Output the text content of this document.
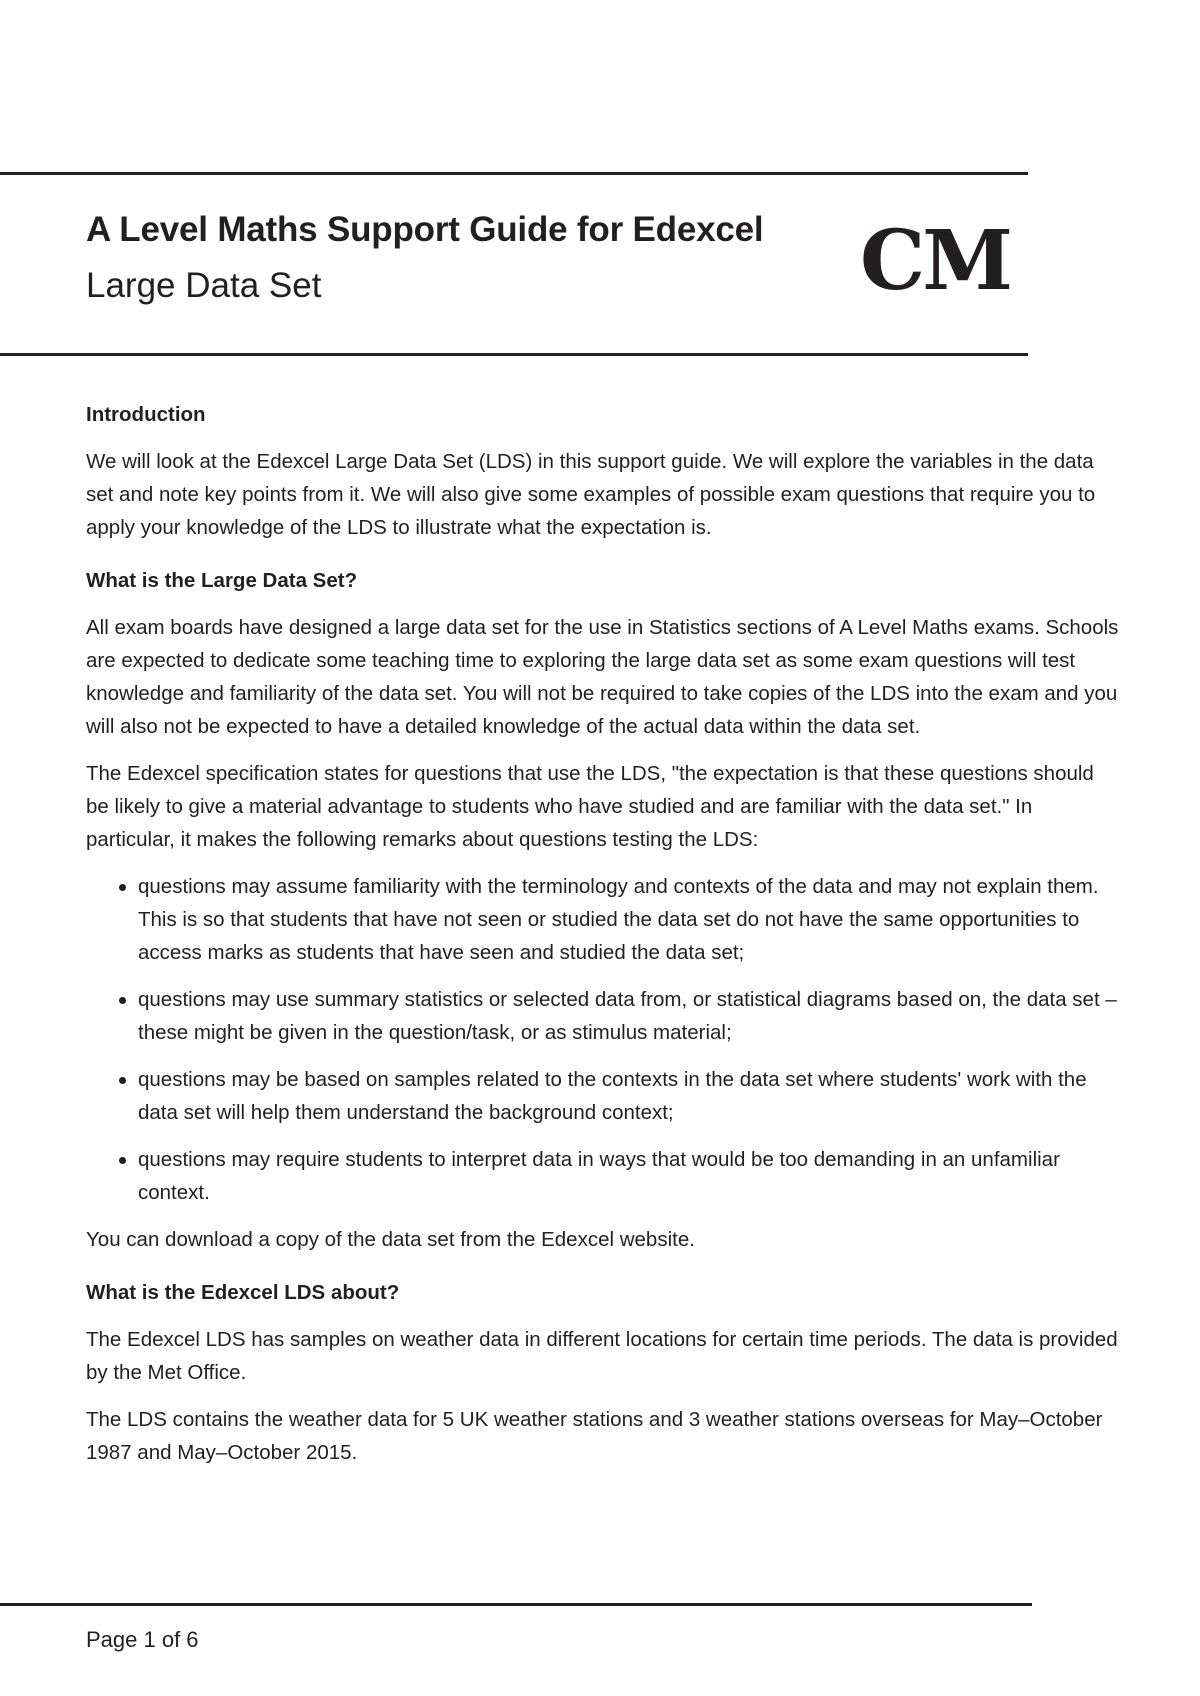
A Level Maths Support Guide for Edexcel
Large Data Set	CM
Introduction

We will look at the Edexcel Large Data Set (LDS) in this support guide. We will explore the variables in the data set and note key points from it. We will also give some examples of possible exam questions that require you to apply your knowledge of the LDS to illustrate what the expectation is.

What is the Large Data Set?

All exam boards have designed a large data set for the use in Statistics sections of A Level Maths exams. Schools are expected to dedicate some teaching time to exploring the large data set as some exam questions will test knowledge and familiarity of the data set. You will not be required to take copies of the LDS into the exam and you will also not be expected to have a detailed knowledge of the actual data within the data set.

The Edexcel specification states for questions that use the LDS, "the expectation is that these questions should be likely to give a material advantage to students who have studied and are familiar with the data set." In particular, it makes the following remarks about questions testing the LDS:

questions may assume familiarity with the terminology and contexts of the data and may not explain them. This is so that students that have not seen or studied the data set do not have the same opportunities to access marks as students that have seen and studied the data set;
questions may use summary statistics or selected data from, or statistical diagrams based on, the data set – these might be given in the question/task, or as stimulus material;
questions may be based on samples related to the contexts in the data set where students' work with the data set will help them understand the background context;
questions may require students to interpret data in ways that would be too demanding in an unfamiliar context.

You can download a copy of the data set from the Edexcel website.

What is the Edexcel LDS about?

The Edexcel LDS has samples on weather data in different locations for certain time periods. The data is provided by the Met Office.

The LDS contains the weather data for 5 UK weather stations and 3 weather stations overseas for May–October 1987 and May–October 2015.

Page 1 of 6
